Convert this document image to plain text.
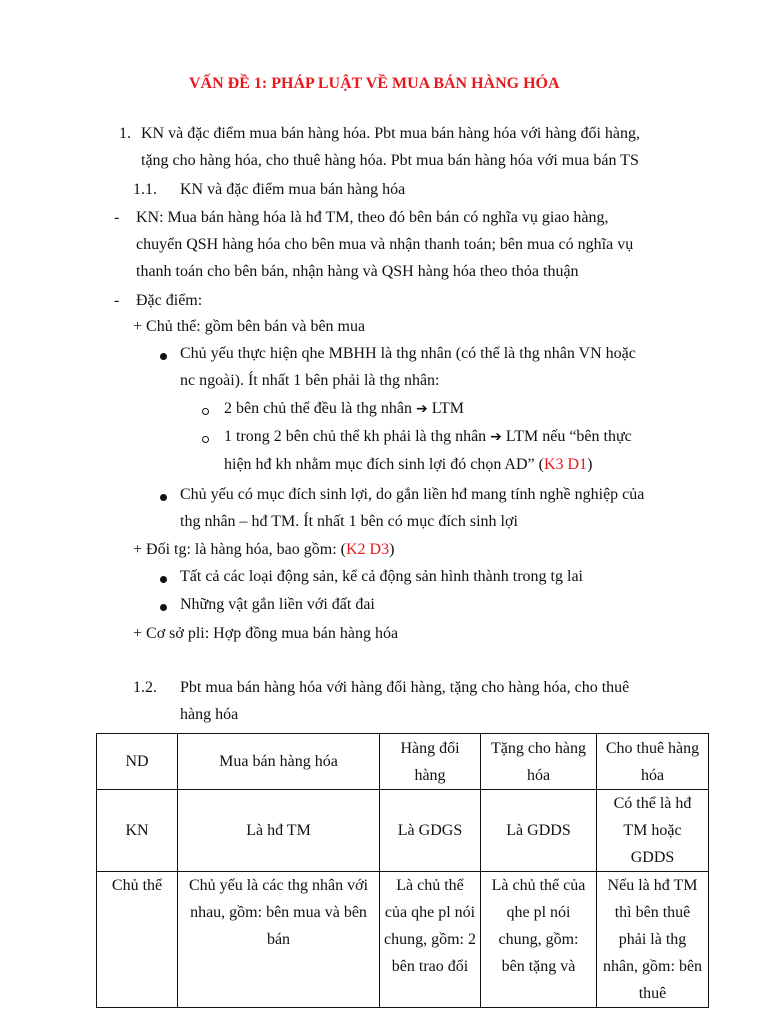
VẤN ĐỀ 1: PHÁP LUẬT VỀ MUA BÁN HÀNG HÓA
1. KN và đặc điểm mua bán hàng hóa. Pbt mua bán hàng hóa với hàng đổi hàng,
tặng cho hàng hóa, cho thuê hàng hóa. Pbt mua bán hàng hóa với mua bán TS
1.1. KN và đặc điểm mua bán hàng hóa
- KN: Mua bán hàng hóa là hđ TM, theo đó bên bán có nghĩa vụ giao hàng,
chuyển QSH hàng hóa cho bên mua và nhận thanh toán; bên mua có nghĩa vụ
thanh toán cho bên bán, nhận hàng và QSH hàng hóa theo thỏa thuận
- Đặc điểm:
+ Chủ thể: gồm bên bán và bên mua
Chủ yếu thực hiện qhe MBHH là thg nhân (có thể là thg nhân VN hoặc
nc ngoài). Ít nhất 1 bên phải là thg nhân:
2 bên chủ thể đều là thg nhân ➔ LTM
1 trong 2 bên chủ thể kh phải là thg nhân ➔ LTM nếu “bên thực
hiện hđ kh nhằm mục đích sinh lợi đó chọn AD” (K3 D1)
Chủ yếu có mục đích sinh lợi, do gắn liền hđ mang tính nghề nghiệp của
thg nhân – hđ TM. Ít nhất 1 bên có mục đích sinh lợi
+ Đối tg: là hàng hóa, bao gồm: (K2 D3)
Tất cả các loại động sản, kể cả động sản hình thành trong tg lai
Những vật gắn liền với đất đai
+ Cơ sở pli: Hợp đồng mua bán hàng hóa
1.2. Pbt mua bán hàng hóa với hàng đổi hàng, tặng cho hàng hóa, cho thuê
hàng hóa
ND	Mua bán hàng hóa	Hàng đổi hàng	Tặng cho hàng hóa	Cho thuê hàng hóa
KN	Là hđ TM	Là GDGS	Là GDDS	Có thể là hđ TM hoặc GDDS
Chủ thể	Chủ yếu là các thg nhân với nhau, gồm: bên mua và bên bán	Là chủ thể của qhe pl nói chung, gồm: 2 bên trao đổi	Là chủ thể của qhe pl nói chung, gồm: bên tặng và	Nếu là hđ TM thì bên thuê phải là thg nhân, gồm: bên thuê
